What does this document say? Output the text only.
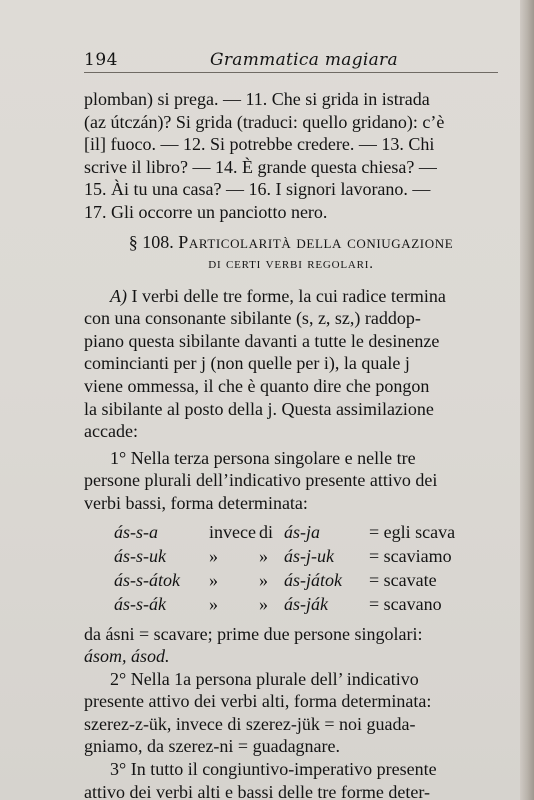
194	Grammatica magiara

plomban) si prega. — 11. Che si grida in istrada

(az útczán)? Si grida (traduci: quello gridano): c’è

[il] fuoco. — 12. Si potrebbe credere. — 13. Chi

scrive il libro? — 14. È grande questa chiesa? —

15. Ài tu una casa? — 16. I signori lavorano. —

17. Gli occorre un panciotto nero.

§ 108. Particolarità della coniugazione
di certi verbi regolari.

A) I verbi delle tre forme, la cui radice termina

con una consonante sibilante (s, z, sz,) raddop-

piano questa sibilante davanti a tutte le desinenze

comincianti per j (non quelle per i), la quale j

viene ommessa, il che è quanto dire che pongon

la sibilante al posto della j. Questa assimilazione

accade:

1° Nella terza persona singolare e nelle tre

persone plurali dell’indicativo presente attivo dei

verbi bassi, forma determinata:

ás-s-a	invece di ás-ja	= egli scava
ás-s-uk	»	» ás-j-uk	= scaviamo
ás-s-átok	»	» ás-játok	= scavate
ás-s-ák	»	» ás-ják	= scavano

da ásni = scavare; prime due persone singolari:

ásom, ásod.

2° Nella 1a persona plurale dell’ indicativo

presente attivo dei verbi alti, forma determinata:

szerez-z-ük, invece di szerez-jük = noi guada-

gniamo, da szerez-ni = guadagnare.

3° In tutto il congiuntivo-imperativo presente

attivo dei verbi alti e bassi delle tre forme deter-
